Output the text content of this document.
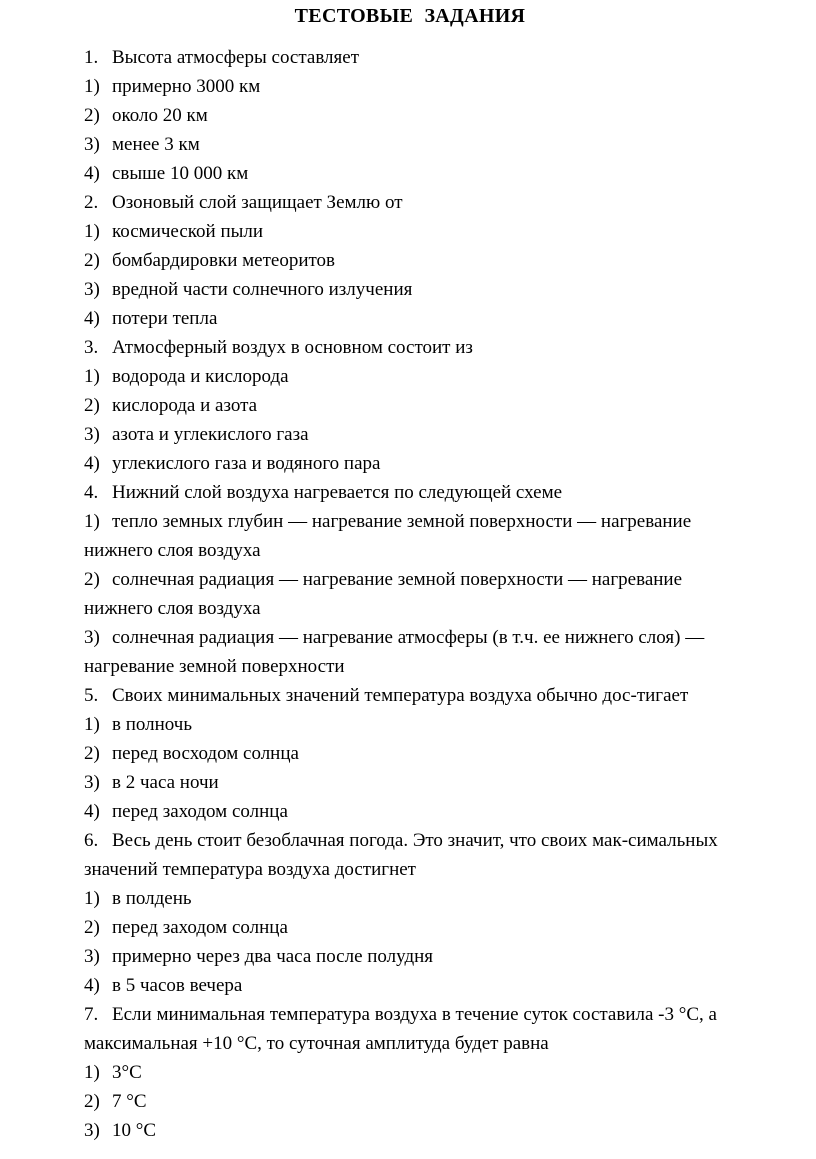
ТЕСТОВЫЕ ЗАДАНИЯ
1. Высота атмосферы составляет
1) примерно 3000 км
2) около 20 км
3) менее 3 км
4) свыше 10 000 км
2. Озоновый слой защищает Землю от
1) космической пыли
2) бомбардировки метеоритов
3) вредной части солнечного излучения
4) потери тепла
3. Атмосферный воздух в основном состоит из
1) водорода и кислорода
2) кислорода и азота
3) азота и углекислого газа
4) углекислого газа и водяного пара
4. Нижний слой воздуха нагревается по следующей схеме
1) тепло земных глубин — нагревание земной поверхности — нагревание
нижнего слоя воздуха
2) солнечная радиация — нагревание земной поверхности — нагревание
нижнего слоя воздуха
3) солнечная радиация — нагревание атмосферы (в т.ч. ее нижнего слоя) —
нагревание земной поверхности
5. Своих минимальных значений температура воздуха обычно дос-тигает
1) в полночь
2) перед восходом солнца
3) в 2 часа ночи
4) перед заходом солнца
6. Весь день стоит безоблачная погода. Это значит, что своих мак-симальных
значений температура воздуха достигнет
1) в полдень
2) перед заходом солнца
3) примерно через два часа после полудня
4) в 5 часов вечера
7. Если минимальная температура воздуха в течение суток составила -3 °С, а
максимальная +10 °С, то суточная амплитуда будет равна
1) 3°С
2) 7 °С
3) 10 °С
